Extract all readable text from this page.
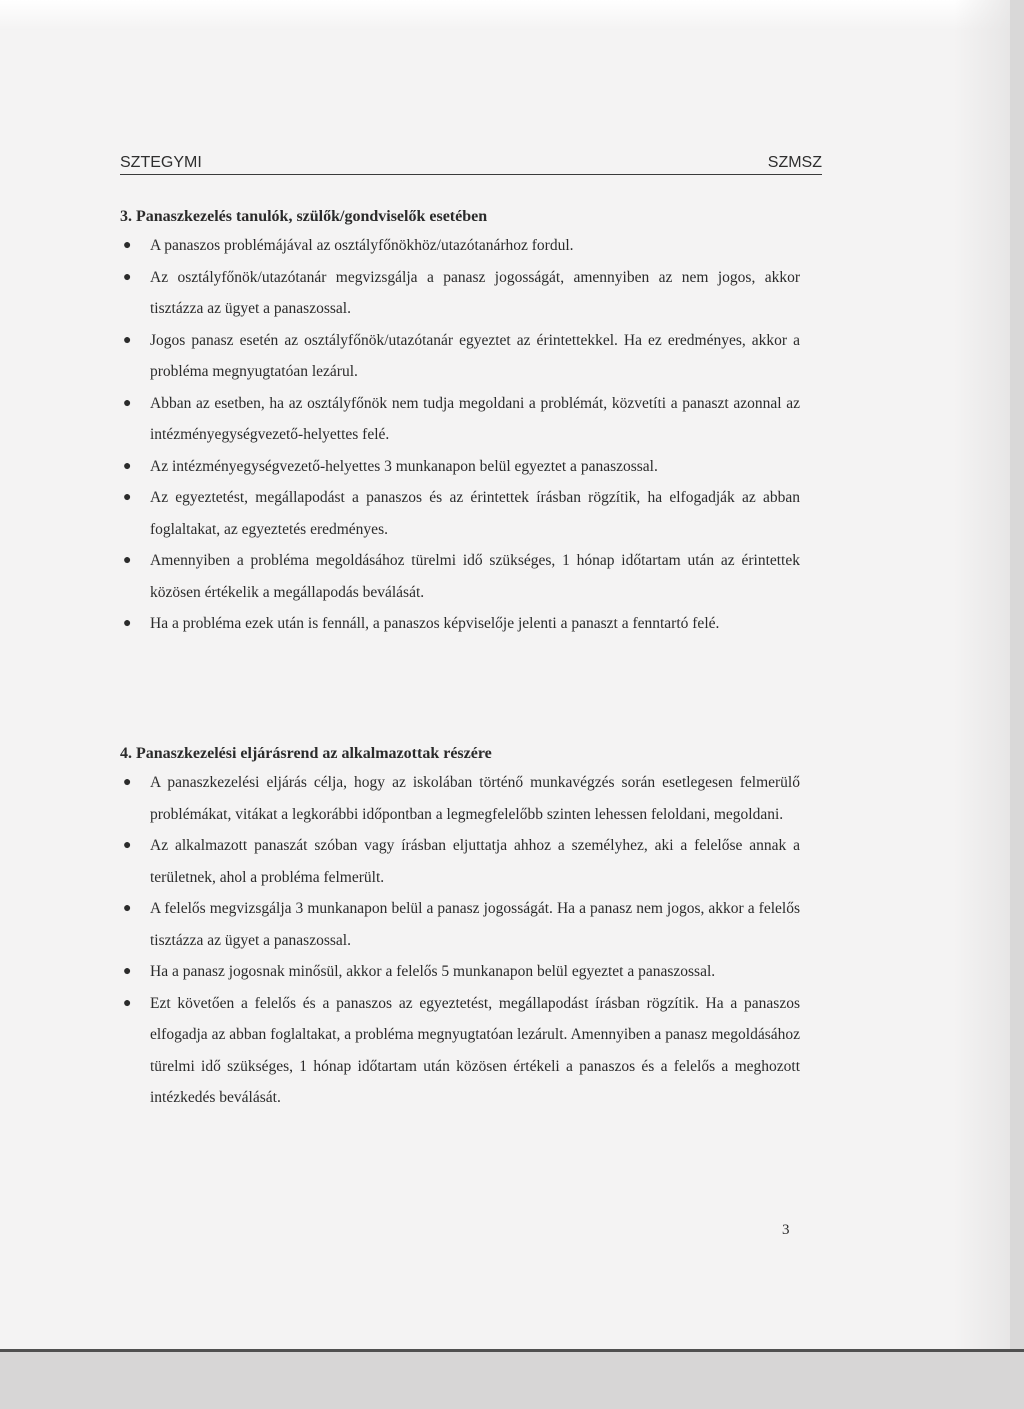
SZTEGYMI	SZMSZ
3. Panaszkezelés tanulók, szülők/gondviselők esetében
● A panaszos problémájával az osztályfőnökhöz/utazótanárhoz fordul.
● Az osztályfőnök/utazótanár megvizsgálja a panasz jogosságát, amennyiben az nem jogos, akkor tisztázza az ügyet a panaszossal.
● Jogos panasz esetén az osztályfőnök/utazótanár egyeztet az érintettekkel. Ha ez eredményes, akkor a probléma megnyugtatóan lezárul.
● Abban az esetben, ha az osztályfőnök nem tudja megoldani a problémát, közvetíti a panaszt azonnal az intézményegységvezető-helyettes felé.
● Az intézményegységvezető-helyettes 3 munkanapon belül egyeztet a panaszossal.
● Az egyeztetést, megállapodást a panaszos és az érintettek írásban rögzítik, ha elfogadják az abban foglaltakat, az egyeztetés eredményes.
● Amennyiben a probléma megoldásához türelmi idő szükséges, 1 hónap időtartam után az érintettek közösen értékelik a megállapodás beválását.
● Ha a probléma ezek után is fennáll, a panaszos képviselője jelenti a panaszt a fenntartó felé.
4. Panaszkezelési eljárásrend az alkalmazottak részére
● A panaszkezelési eljárás célja, hogy az iskolában történő munkavégzés során esetlegesen felmerülő problémákat, vitákat a legkorábbi időpontban a legmegfelelőbb szinten lehessen feloldani, megoldani.
● Az alkalmazott panaszát szóban vagy írásban eljuttatja ahhoz a személyhez, aki a felelőse annak a területnek, ahol a probléma felmerült.
● A felelős megvizsgálja 3 munkanapon belül a panasz jogosságát. Ha a panasz nem jogos, akkor a felelős tisztázza az ügyet a panaszossal.
● Ha a panasz jogosnak minősül, akkor a felelős 5 munkanapon belül egyeztet a panaszossal.
● Ezt követően a felelős és a panaszos az egyeztetést, megállapodást írásban rögzítik. Ha a panaszos elfogadja az abban foglaltakat, a probléma megnyugtatóan lezárult. Amennyiben a panasz megoldásához türelmi idő szükséges, 1 hónap időtartam után közösen értékeli a panaszos és a felelős a meghozott intézkedés beválását.
3
